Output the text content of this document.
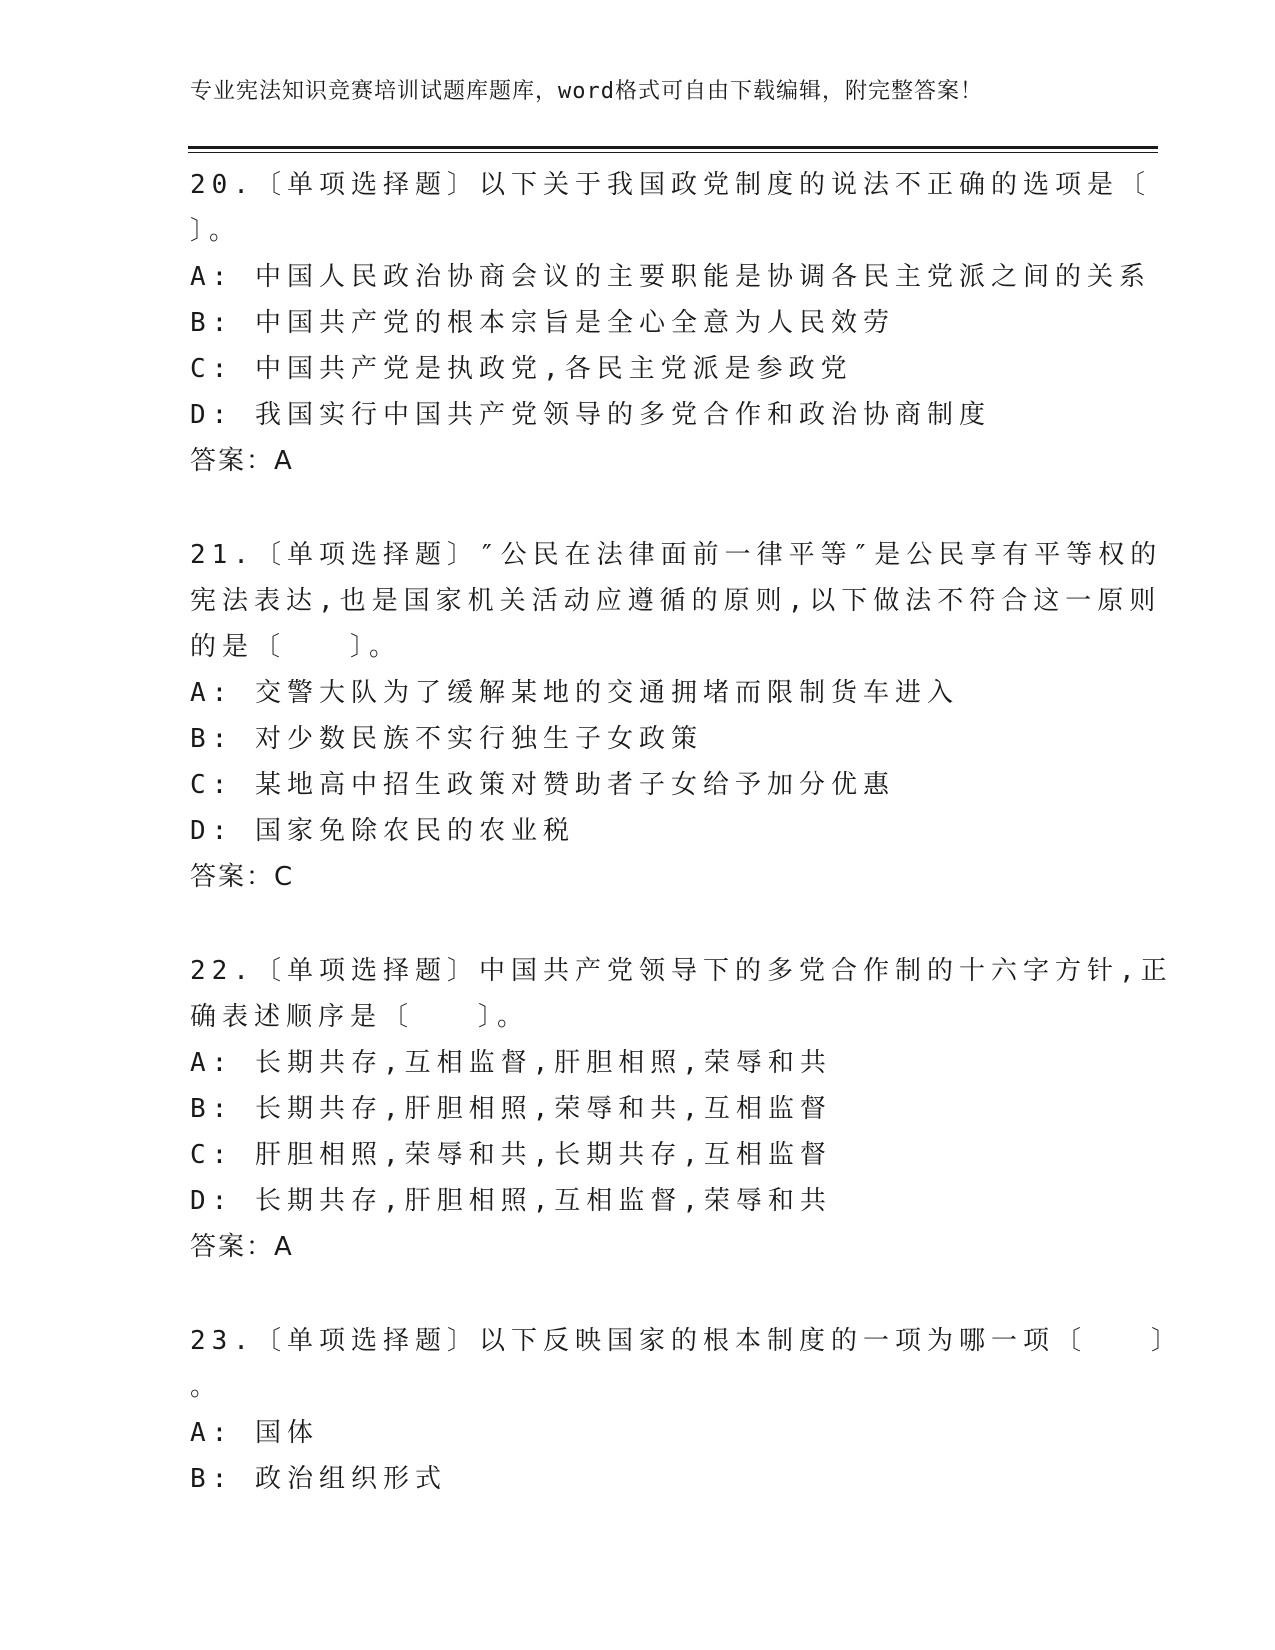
专业宪法知识竞赛培训试题库题库，word格式可自由下载编辑，附完整答案！
20.〔单项选择题〕以下关于我国政党制度的说法不正确的选项是〔
〕。
A: 中国人民政治协商会议的主要职能是协调各民主党派之间的关系
B: 中国共产党的根本宗旨是全心全意为人民效劳
C: 中国共产党是执政党,各民主党派是参政党
D: 我国实行中国共产党领导的多党合作和政治协商制度
答案：A
21.〔单项选择题〕″公民在法律面前一律平等″是公民享有平等权的
宪法表达,也是国家机关活动应遵循的原则,以下做法不符合这一原则
的是〔　　〕。
A: 交警大队为了缓解某地的交通拥堵而限制货车进入
B: 对少数民族不实行独生子女政策
C: 某地高中招生政策对赞助者子女给予加分优惠
D: 国家免除农民的农业税
答案：C
22.〔单项选择题〕中国共产党领导下的多党合作制的十六字方针,正
确表述顺序是〔　　〕。
A: 长期共存,互相监督,肝胆相照,荣辱和共
B: 长期共存,肝胆相照,荣辱和共,互相监督
C: 肝胆相照,荣辱和共,长期共存,互相监督
D: 长期共存,肝胆相照,互相监督,荣辱和共
答案：A
23.〔单项选择题〕以下反映国家的根本制度的一项为哪一项〔　　〕
。
A: 国体
B: 政治组织形式
